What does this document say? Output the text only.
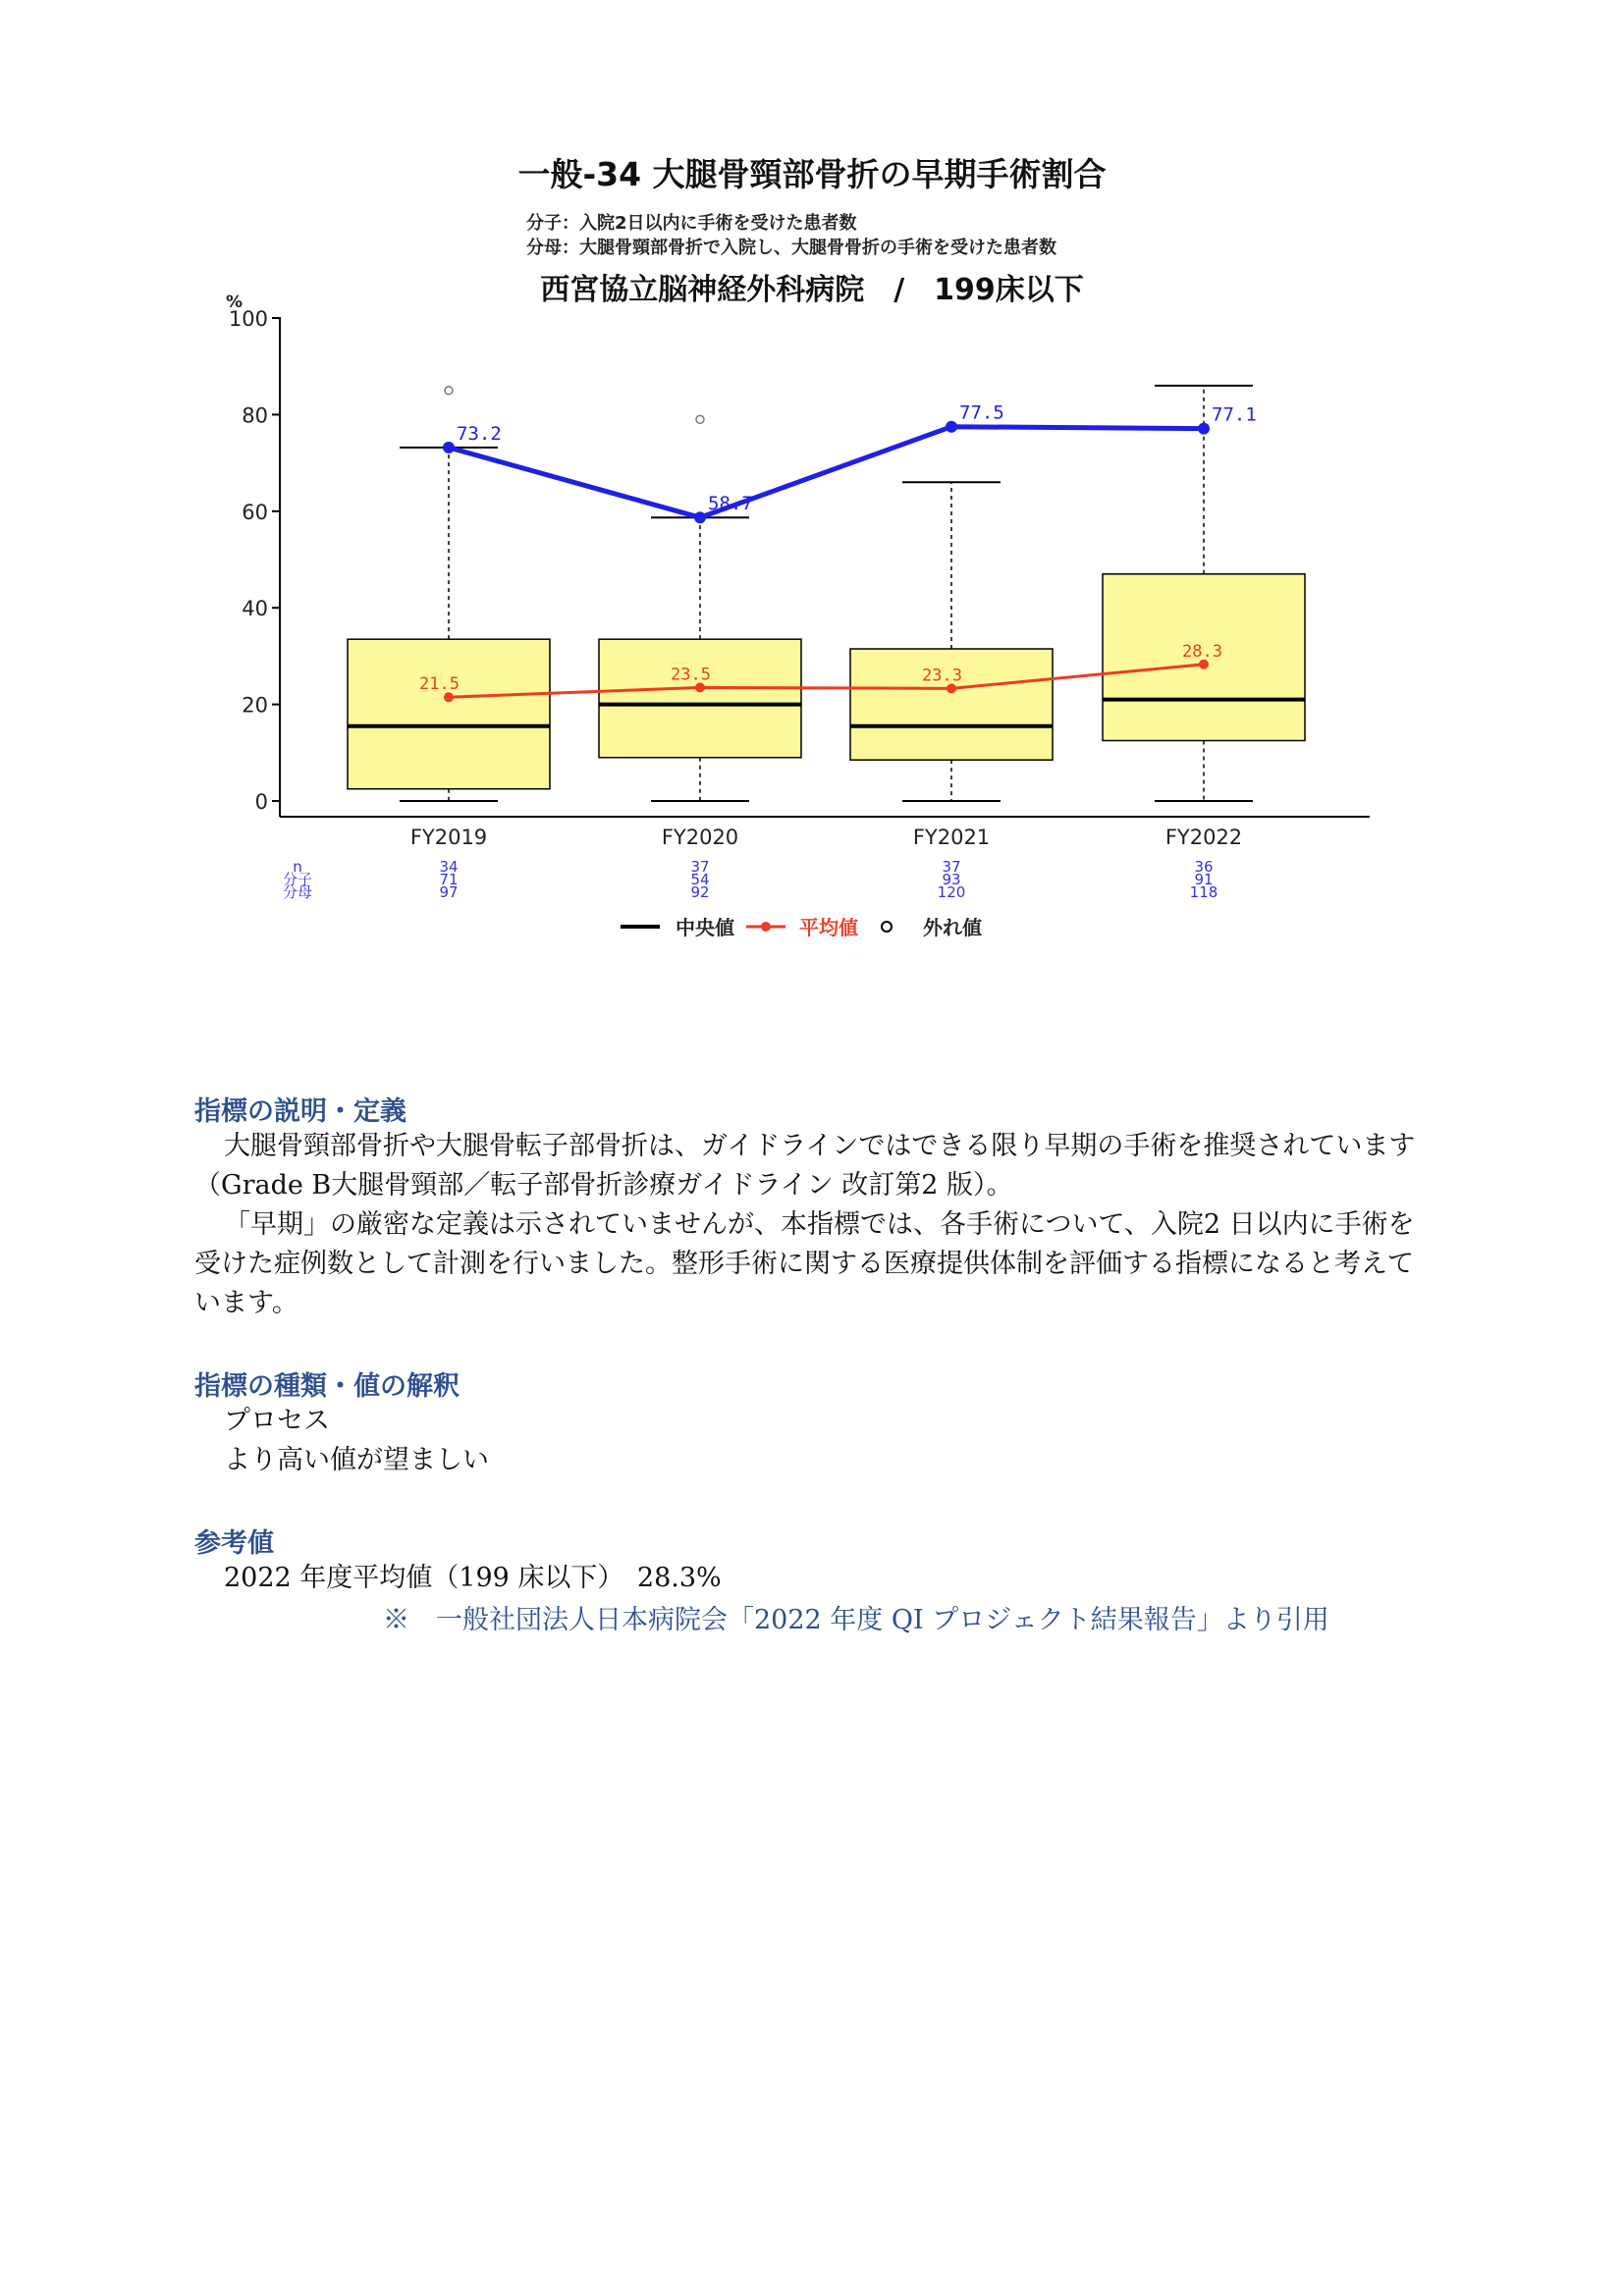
一般-34 大腿骨頸部骨折の早期手術割合
分子：入院2日以内に手術を受けた患者数
分母：大腿骨頸部骨折で入院し、大腿骨骨折の手術を受けた患者数
西宮協立脳神経外科病院　/　199床以下
%
0
20
40
60
80
100
FY2019	FY2020	FY2021	FY2022
21.5	23.5	23.3
28.3
73.2
58.7
77.5	77.1
n	34	37	37	36
分子	71	54	93	91
分母	97	92	120	118
中央値	平均値	外れ値
指標の説明・定義

大腿骨頸部骨折や大腿骨転子部骨折は、ガイドラインではできる限り早期の手術を推奨されています（Grade B大腿骨頸部／転子部骨折診療ガイドライン 改訂第2 版）。

「早期」の厳密な定義は示されていませんが、本指標では、各手術について、入院2 日以内に手術を受けた症例数として計測を行いました。整形手術に関する医療提供体制を評価する指標になると考えています。

指標の種類・値の解釈

プロセス

より高い値が望ましい

参考値

2022 年度平均値（199 床以下）　28.3%

※　一般社団法人日本病院会「2022 年度 QI プロジェクト結果報告」より引用
